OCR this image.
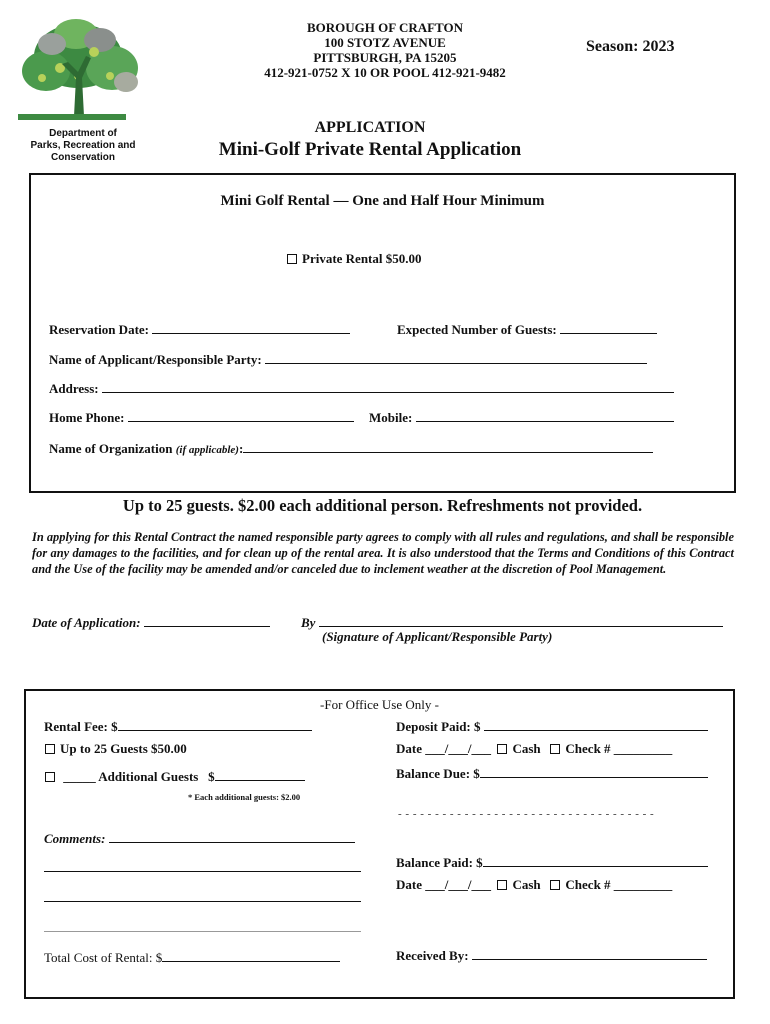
Department of
Parks, Recreation and
Conservation
BOROUGH OF CRAFTON
100 STOTZ AVENUE
PITTSBURGH, PA 15205
412-921-0752 X 10 OR POOL 412-921-9482
Season: 2023
APPLICATION
Mini-Golf Private Rental Application
Mini Golf Rental — One and Half Hour Minimum
Private Rental $50.00
Reservation Date:	Expected Number of Guests:
Name of Applicant/Responsible Party:
Address:
Home Phone:	Mobile:
Name of Organization (if applicable):
Up to 25 guests. $2.00 each additional person. Refreshments not provided.
In applying for this Rental Contract the named responsible party agrees to comply with all rules and regulations, and shall be responsible for any damages to the facilities, and for clean up of the rental area. It is also understood that the Terms and Conditions of this Contract and the Use of the facility may be amended and/or canceled due to inclement weather at the discretion of Pool Management.
Date of Application:	By
(Signature of Applicant/Responsible Party)
-For Office Use Only -
Rental Fee: $
Up to 25 Guests $50.00
_____ Additional Guests $
* Each additional guests: $2.00
Comments:
Total Cost of Rental: $
Deposit Paid: $
Date ___/___/___ Cash Check # _________
Balance Due: $
- - - - - - - - - - - - - - - - - - - - - - - - - - - - - - - - - - -
Balance Paid: $
Date ___/___/___ Cash Check # _________
Received By:
